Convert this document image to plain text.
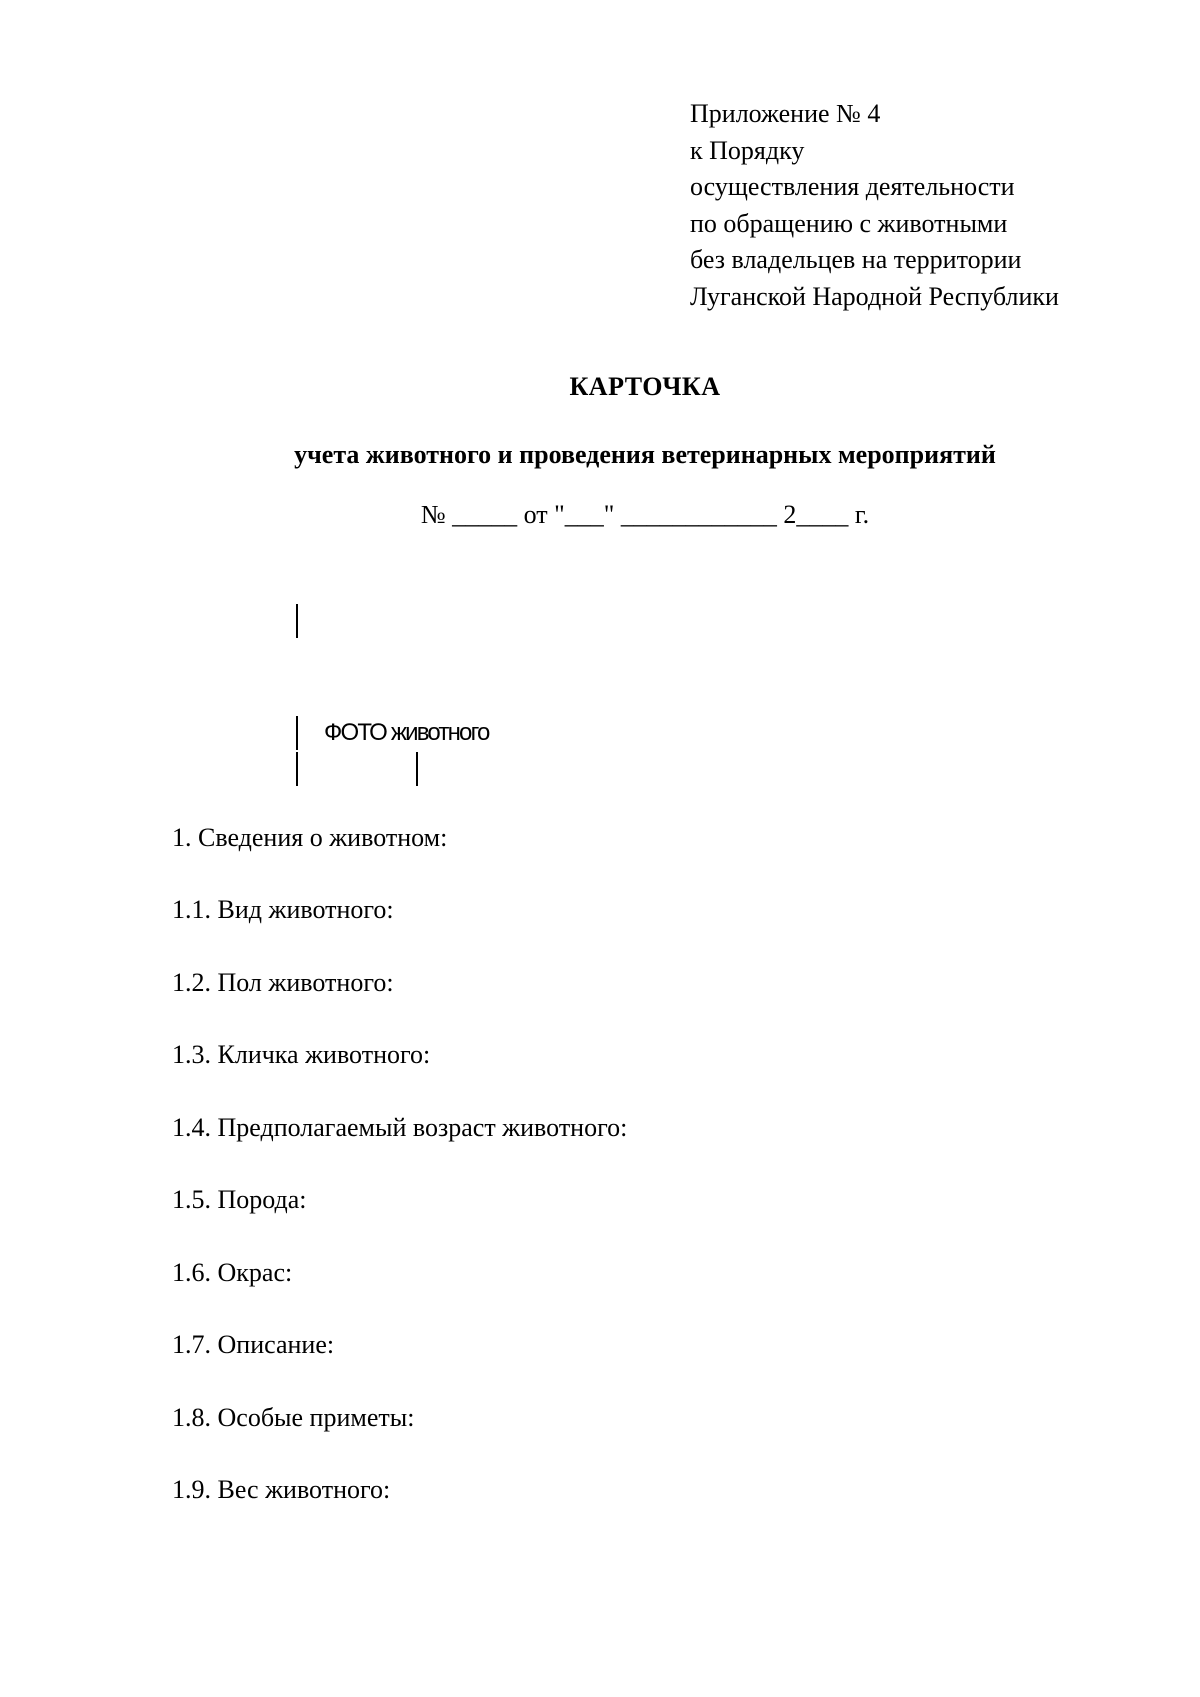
Приложение № 4
к Порядку
осуществления деятельности
по обращению с животными
без владельцев на территории
Луганской Народной Республики
КАРТОЧКА
учета животного и проведения ветеринарных мероприятий
№ _____ от "___" ____________ 2____ г.
ФОТО животного
1. Сведения о животном:
1.1. Вид животного:
1.2. Пол животного:
1.3. Кличка животного:
1.4. Предполагаемый возраст животного:
1.5. Порода:
1.6. Окрас:
1.7. Описание:
1.8. Особые приметы:
1.9. Вес животного:
